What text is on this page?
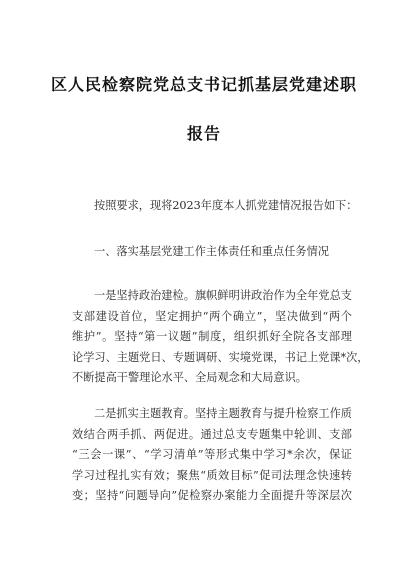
区人民检察院党总支书记抓基层党建述职
报告
按照要求，现将2023年度本人抓党建情况报告如下：
一、落实基层党建工作主体责任和重点任务情况
一是坚持政治建检。旗帜鲜明讲政治作为全年党总支
支部建设首位，坚定拥护“两个确立”，坚决做到“两个
维护”。坚持“第一议题”制度，组织抓好全院各支部理
论学习、主题党日、专题调研、实境党课，书记上党课*次，
不断提高干警理论水平、全局观念和大局意识。
二是抓实主题教育。坚持主题教育与提升检察工作质
效结合两手抓、两促进。通过总支专题集中轮训、支部
“三会一课”、“学习清单”等形式集中学习*余次，保证
学习过程扎实有效；聚焦“质效目标”促司法理念快速转
变；坚持“问题导向”促检察办案能力全面提升等深层次
